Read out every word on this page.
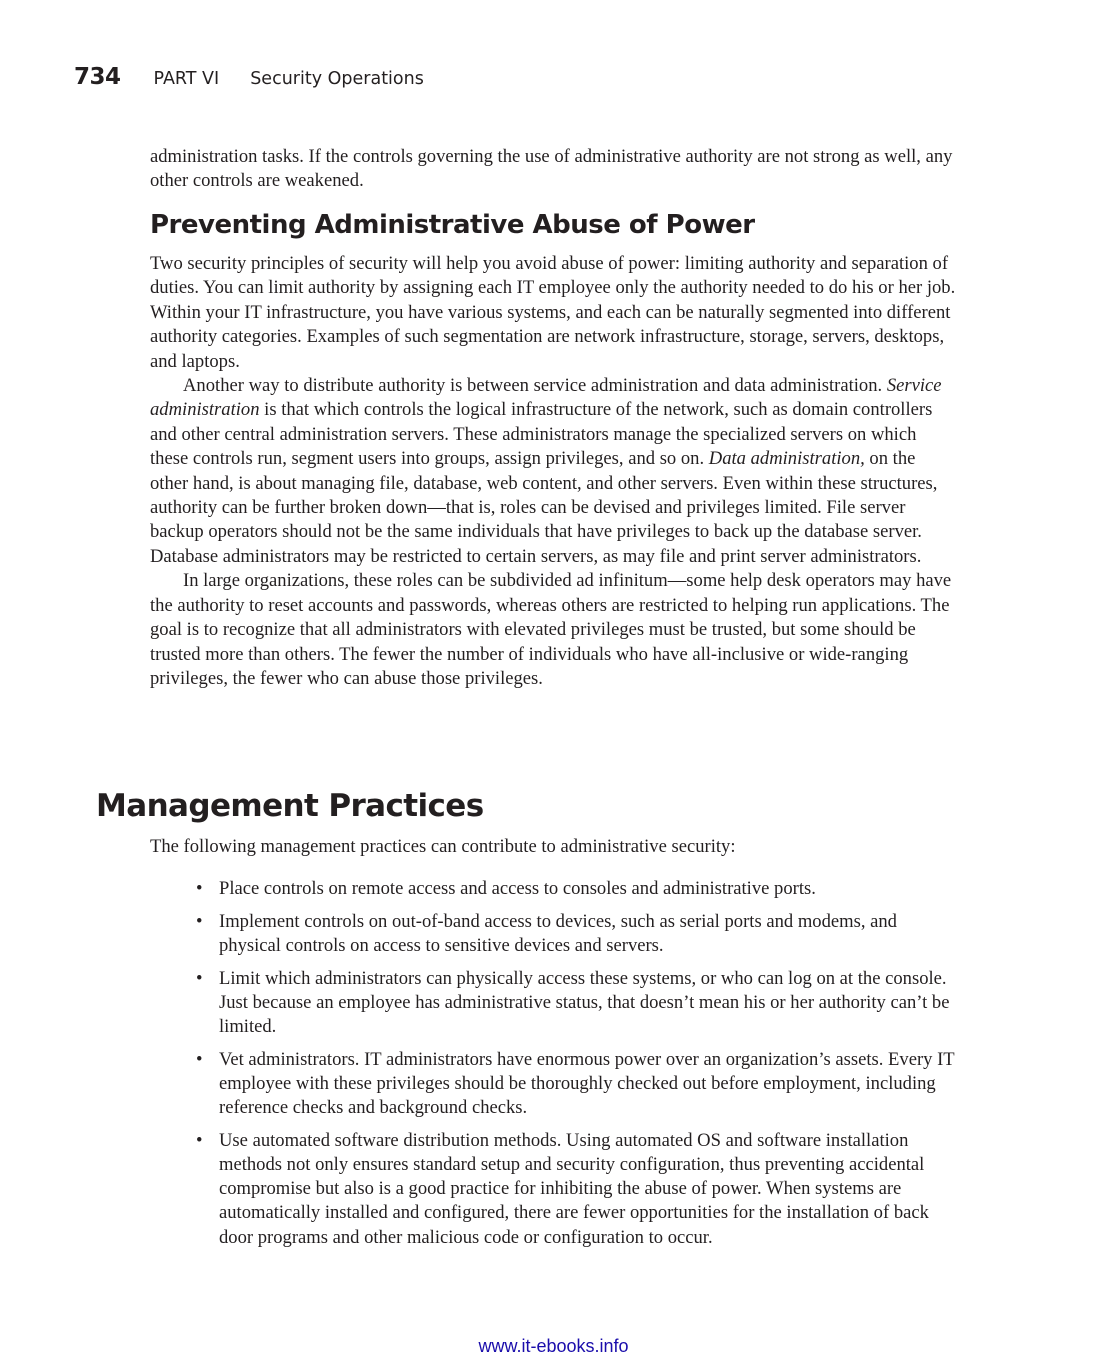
734 PART VI Security Operations

administration tasks. If the controls governing the use of administrative authority are not strong as well, any other controls are weakened.

Preventing Administrative Abuse of Power

Two security principles of security will help you avoid abuse of power: limiting authority and separation of duties. You can limit authority by assigning each IT employee only the authority needed to do his or her job. Within your IT infrastructure, you have various systems, and each can be naturally segmented into different authority categories. Examples of such segmentation are network infrastructure, storage, servers, desktops, and laptops.

Another way to distribute authority is between service administration and data administration. Service administration is that which controls the logical infrastructure of the network, such as domain controllers and other central administration servers. These administrators manage the specialized servers on which these controls run, segment users into groups, assign privileges, and so on. Data administration, on the other hand, is about managing file, database, web content, and other servers. Even within these structures, authority can be further broken down—that is, roles can be devised and privileges limited. File server backup operators should not be the same individuals that have privileges to back up the database server. Database administrators may be restricted to certain servers, as may file and print server administrators.

In large organizations, these roles can be subdivided ad infinitum—some help desk operators may have the authority to reset accounts and passwords, whereas others are restricted to helping run applications. The goal is to recognize that all administrators with elevated privileges must be trusted, but some should be trusted more than others. The fewer the number of individuals who have all-inclusive or wide-ranging privileges, the fewer who can abuse those privileges.

Management Practices

The following management practices can contribute to administrative security:

• Place controls on remote access and access to consoles and administrative ports.
• Implement controls on out-of-band access to devices, such as serial ports and modems, and physical controls on access to sensitive devices and servers.
• Limit which administrators can physically access these systems, or who can log on at the console. Just because an employee has administrative status, that doesn’t mean his or her authority can’t be limited.
• Vet administrators. IT administrators have enormous power over an organization’s assets. Every IT employee with these privileges should be thoroughly checked out before employment, including reference checks and background checks.
• Use automated software distribution methods. Using automated OS and software installation methods not only ensures standard setup and security configuration, thus preventing accidental compromise but also is a good practice for inhibiting the abuse of power. When systems are automatically installed and configured, there are fewer opportunities for the installation of back door programs and other malicious code or configuration to occur.
www.it-ebooks.info
